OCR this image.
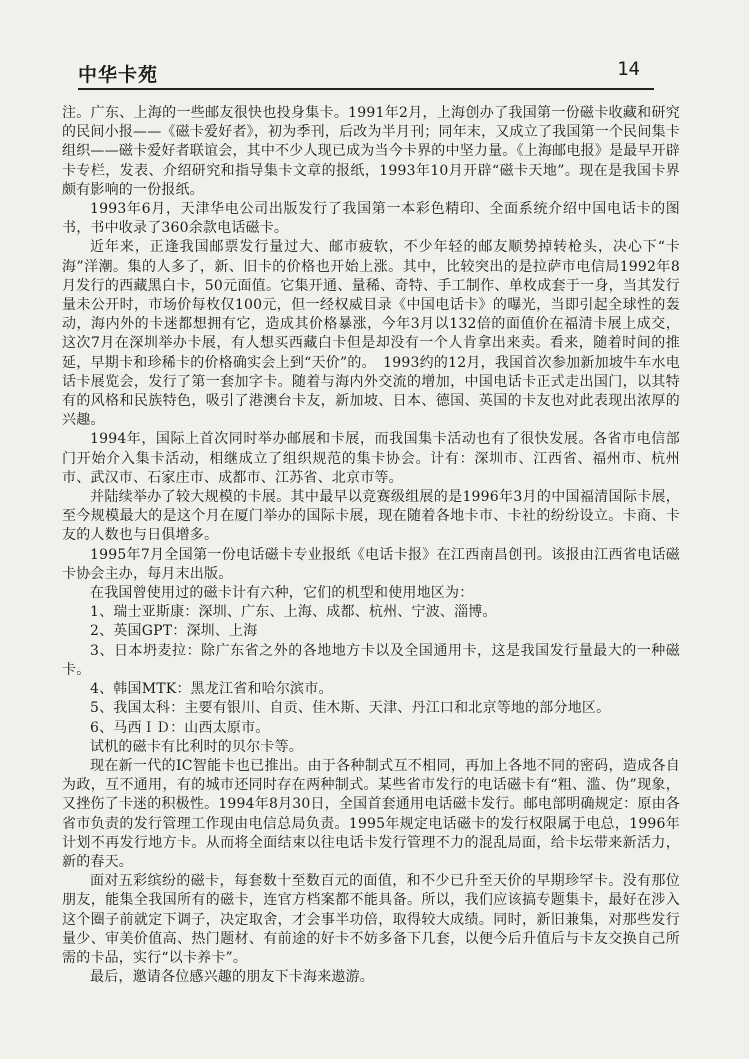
中华卡苑	14

注。广东、上海的一些邮友很快也投身集卡。1991年2月，上海创办了我国第一份磁卡收藏和研究的民间小报——《磁卡爱好者》，初为季刊，后改为半月刊；同年末，又成立了我国第一个民间集卡组织——磁卡爱好者联谊会，其中不少人现已成为当今卡界的中坚力量。《上海邮电报》是最早开辟卡专栏，发表、介绍研究和指导集卡文章的报纸，1993年10月开辟“磁卡天地”。现在是我国卡界颇有影响的一份报纸。

1993年6月，天津华电公司出版发行了我国第一本彩色精印、全面系统介绍中国电话卡的图书，书中收录了360余款电话磁卡。

近年来，正逢我国邮票发行量过大、邮市疲软，不少年轻的邮友顺势掉转枪头，决心下“卡海”洋潮。集的人多了，新、旧卡的价格也开始上涨。其中，比较突出的是拉萨市电信局1992年8月发行的西藏黑白卡，50元面值。它集开通、量稀、奇特、手工制作、单枚成套于一身，当其发行量未公开时，市场价每枚仅100元，但一经权威目录《中国电话卡》的曝光，当即引起全球性的轰动，海内外的卡迷都想拥有它，造成其价格暴涨，今年3月以132倍的面值价在福清卡展上成交，这次7月在深圳举办卡展，有人想买西藏白卡但是却没有一个人肯拿出来卖。看来，随着时间的推延，早期卡和珍稀卡的价格确实会上到“天价”的。　1993约的12月，我国首次参加新加坡牛车水电话卡展览会，发行了第一套加字卡。随着与海内外交流的增加，中国电话卡正式走出国门，以其特有的风格和民族特色，吸引了港澳台卡友，新加坡、日本、德国、英国的卡友也对此表现出浓厚的兴趣。

1994年，国际上首次同时举办邮展和卡展，而我国集卡活动也有了很快发展。各省市电信部门开始介入集卡活动，相继成立了组织规范的集卡协会。计有：深圳市、江西省、福州市、杭州市、武汉市、石家庄市、成都市、江苏省、北京市等。

并陆续举办了较大规模的卡展。其中最早以竞赛级组展的是1996年3月的中国福清国际卡展，至今规模最大的是这个月在厦门举办的国际卡展，现在随着各地卡市、卡社的纷纷设立。卡商、卡友的人数也与日俱增多。

1995年7月全国第一份电话磁卡专业报纸《电话卡报》在江西南昌创刊。该报由江西省电话磁卡协会主办，每月末出版。

在我国曾使用过的磁卡计有六种，它们的机型和使用地区为：

1、瑞士亚斯康：深圳、广东、上海、成都、杭州、宁波、淄博。

2、英国GPT：深圳、上海

3、日本坍麦拉：除广东省之外的各地地方卡以及全国通用卡，这是我国发行量最大的一种磁卡。

4、韩国MTK：黑龙江省和哈尔滨市。

5、我国太科：主要有银川、自贡、佳木斯、天津、丹江口和北京等地的部分地区。

6、马西ＩＤ：山西太原市。

试机的磁卡有比利时的贝尔卡等。

现在新一代的IC智能卡也已推出。由于各种制式互不相同，再加上各地不同的密码，造成各自为政，互不通用，有的城市还同时存在两种制式。某些省市发行的电话磁卡有“粗、滥、伪”现象，又挫伤了卡迷的积极性。1994年8月30日，全国首套通用电话磁卡发行。邮电部明确规定：原由各省市负责的发行管理工作现由电信总局负责。1995年规定电话磁卡的发行权限属于电总，1996年计划不再发行地方卡。从而将全面结束以往电话卡发行管理不力的混乱局面，给卡坛带来新活力，新的春天。

面对五彩缤纷的磁卡，每套数十至数百元的面值，和不少已升至天价的早期珍罕卡。没有那位朋友，能集全我国所有的磁卡，连官方档案都不能具备。所以，我们应该搞专题集卡，最好在涉入这个圈子前就定下调子，决定取舍，才会事半功倍，取得较大成绩。同时，新旧兼集，对那些发行量少、审美价值高、热门题材、有前途的好卡不妨多备下几套，以便今后升值后与卡友交换自己所需的卡品，实行“以卡养卡”。

最后，邀请各位感兴趣的朋友下卡海来遨游。
